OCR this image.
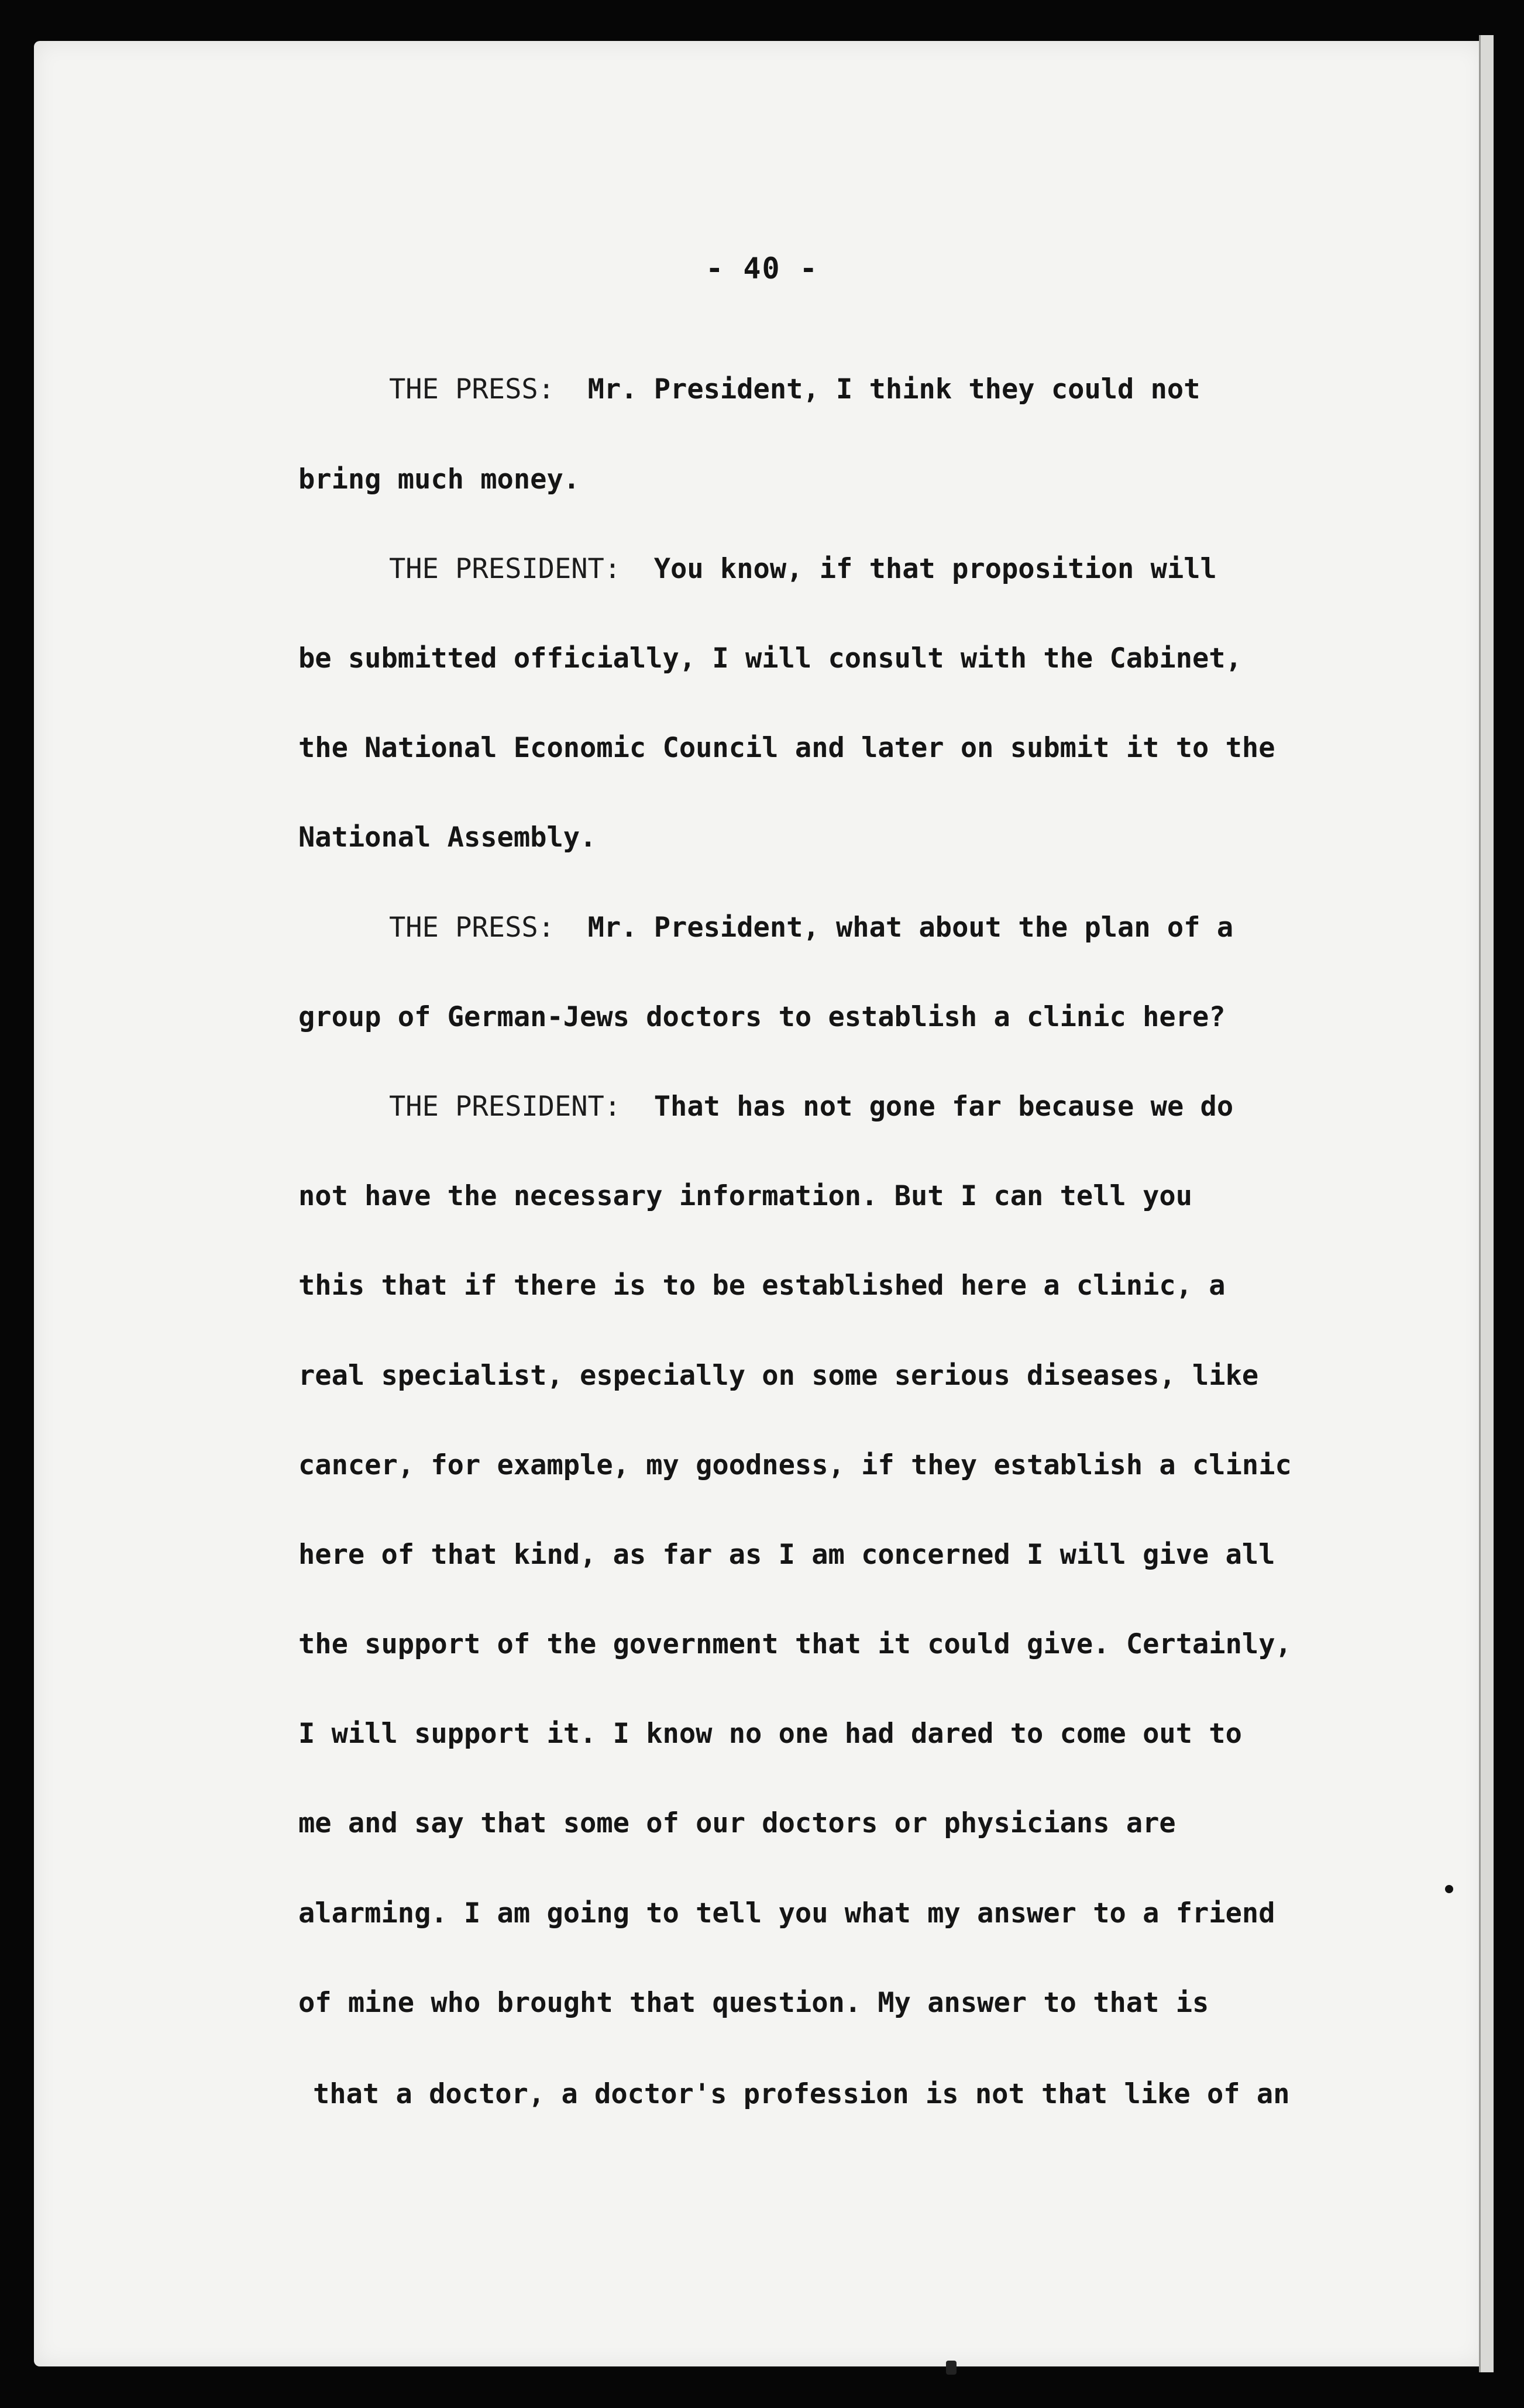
- 40 -
THE PRESS: Mr. President, I think they could not
bring much money.
THE PRESIDENT: You know, if that proposition will
be submitted officially, I will consult with the Cabinet,
the National Economic Council and later on submit it to the
National Assembly.
THE PRESS: Mr. President, what about the plan of a
group of German-Jews doctors to establish a clinic here?
THE PRESIDENT: That has not gone far because we do
not have the necessary information. But I can tell you
this that if there is to be established here a clinic, a
real specialist, especially on some serious diseases, like
cancer, for example, my goodness, if they establish a clinic
here of that kind, as far as I am concerned I will give all
the support of the government that it could give. Certainly,
I will support it. I know no one had dared to come out to
me and say that some of our doctors or physicians are
alarming. I am going to tell you what my answer to a friend
of mine who brought that question. My answer to that is
that a doctor, a doctor's profession is not that like of an
